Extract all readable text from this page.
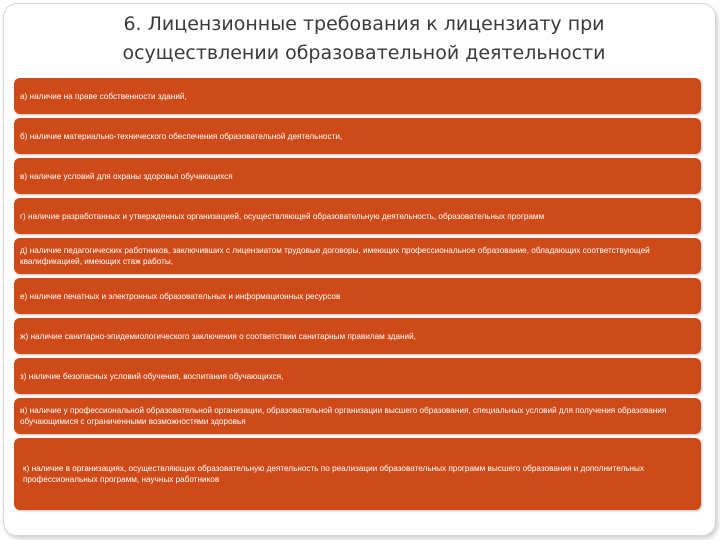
6. Лицензионные требования к лицензиату при
осуществлении образовательной деятельности
а) наличие на праве собственности зданий,
б) наличие материально-технического обеспечения образовательной деятельности,
в) наличие условий для охраны здоровья обучающихся
г) наличие разработанных и утвержденных организацией, осуществляющей образовательную деятельность, образовательных программ
д) наличие педагогических работников, заключивших с лицензиатом трудовые договоры, имеющих профессиональное образование, обладающих соответствующей квалификацией, имеющих стаж работы,
е) наличие печатных и электронных образовательных и информационных ресурсов
ж) наличие санитарно-эпидемиологического заключения о соответствии санитарным правилам зданий,
з) наличие безопасных условий обучения, воспитания обучающихся,
и) наличие у профессиональной образовательной организации, образовательной организации высшего образования, специальных условий для получения образования обучающимися с ограниченными возможностями здоровья
к) наличие в организациях, осуществляющих образовательную деятельность по реализации образовательных программ высшего образования и дополнительных профессиональных программ, научных работников
